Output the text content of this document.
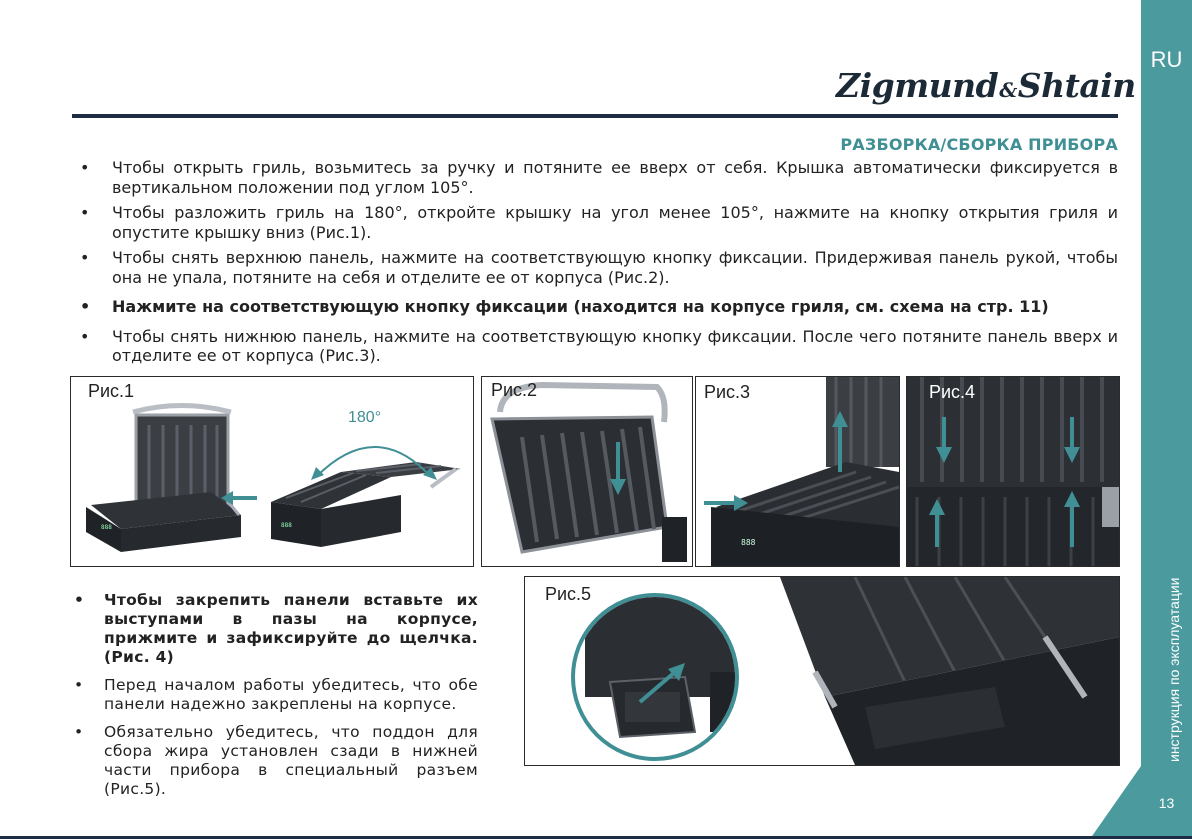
RU
инструкция по эксплуатации
13
Zigmund&Shtain
РАЗБОРКА/СБОРКА ПРИБОРА
• Чтобы открыть гриль, возьмитесь за ручку и потяните ее вверх от себя. Крышка автоматически фиксируется в вертикальном положении под углом 105°.
• Чтобы разложить гриль на 180°, откройте крышку на угол менее 105°, нажмите на кнопку открытия гриля и опустите крышку вниз (Рис.1).
• Чтобы снять верхнюю панель, нажмите на соответствующую кнопку фиксации. Придерживая панель рукой, чтобы она не упала, потяните на себя и отделите ее от корпуса (Рис.2).
• Нажмите на соответствующую кнопку фиксации (находится на корпусе гриля, см. схема на стр. 11)
• Чтобы снять нижнюю панель, нажмите на соответствующую кнопку фиксации. После чего потяните панель вверх и отделите ее от корпуса (Рис.3).
888	888
Рис.1
180°
Рис.2
888
Рис.3	Рис.4
Рис.5
• Чтобы закрепить панели вставьте их выступами в пазы на корпусе, прижмите и зафиксируйте до щелчка. (Рис. 4)
• Перед началом работы убедитесь, что обе панели надежно закреплены на корпусе.
• Обязательно убедитесь, что поддон для сбора жира установлен сзади в нижней части прибора в специальный разъем (Рис.5).
